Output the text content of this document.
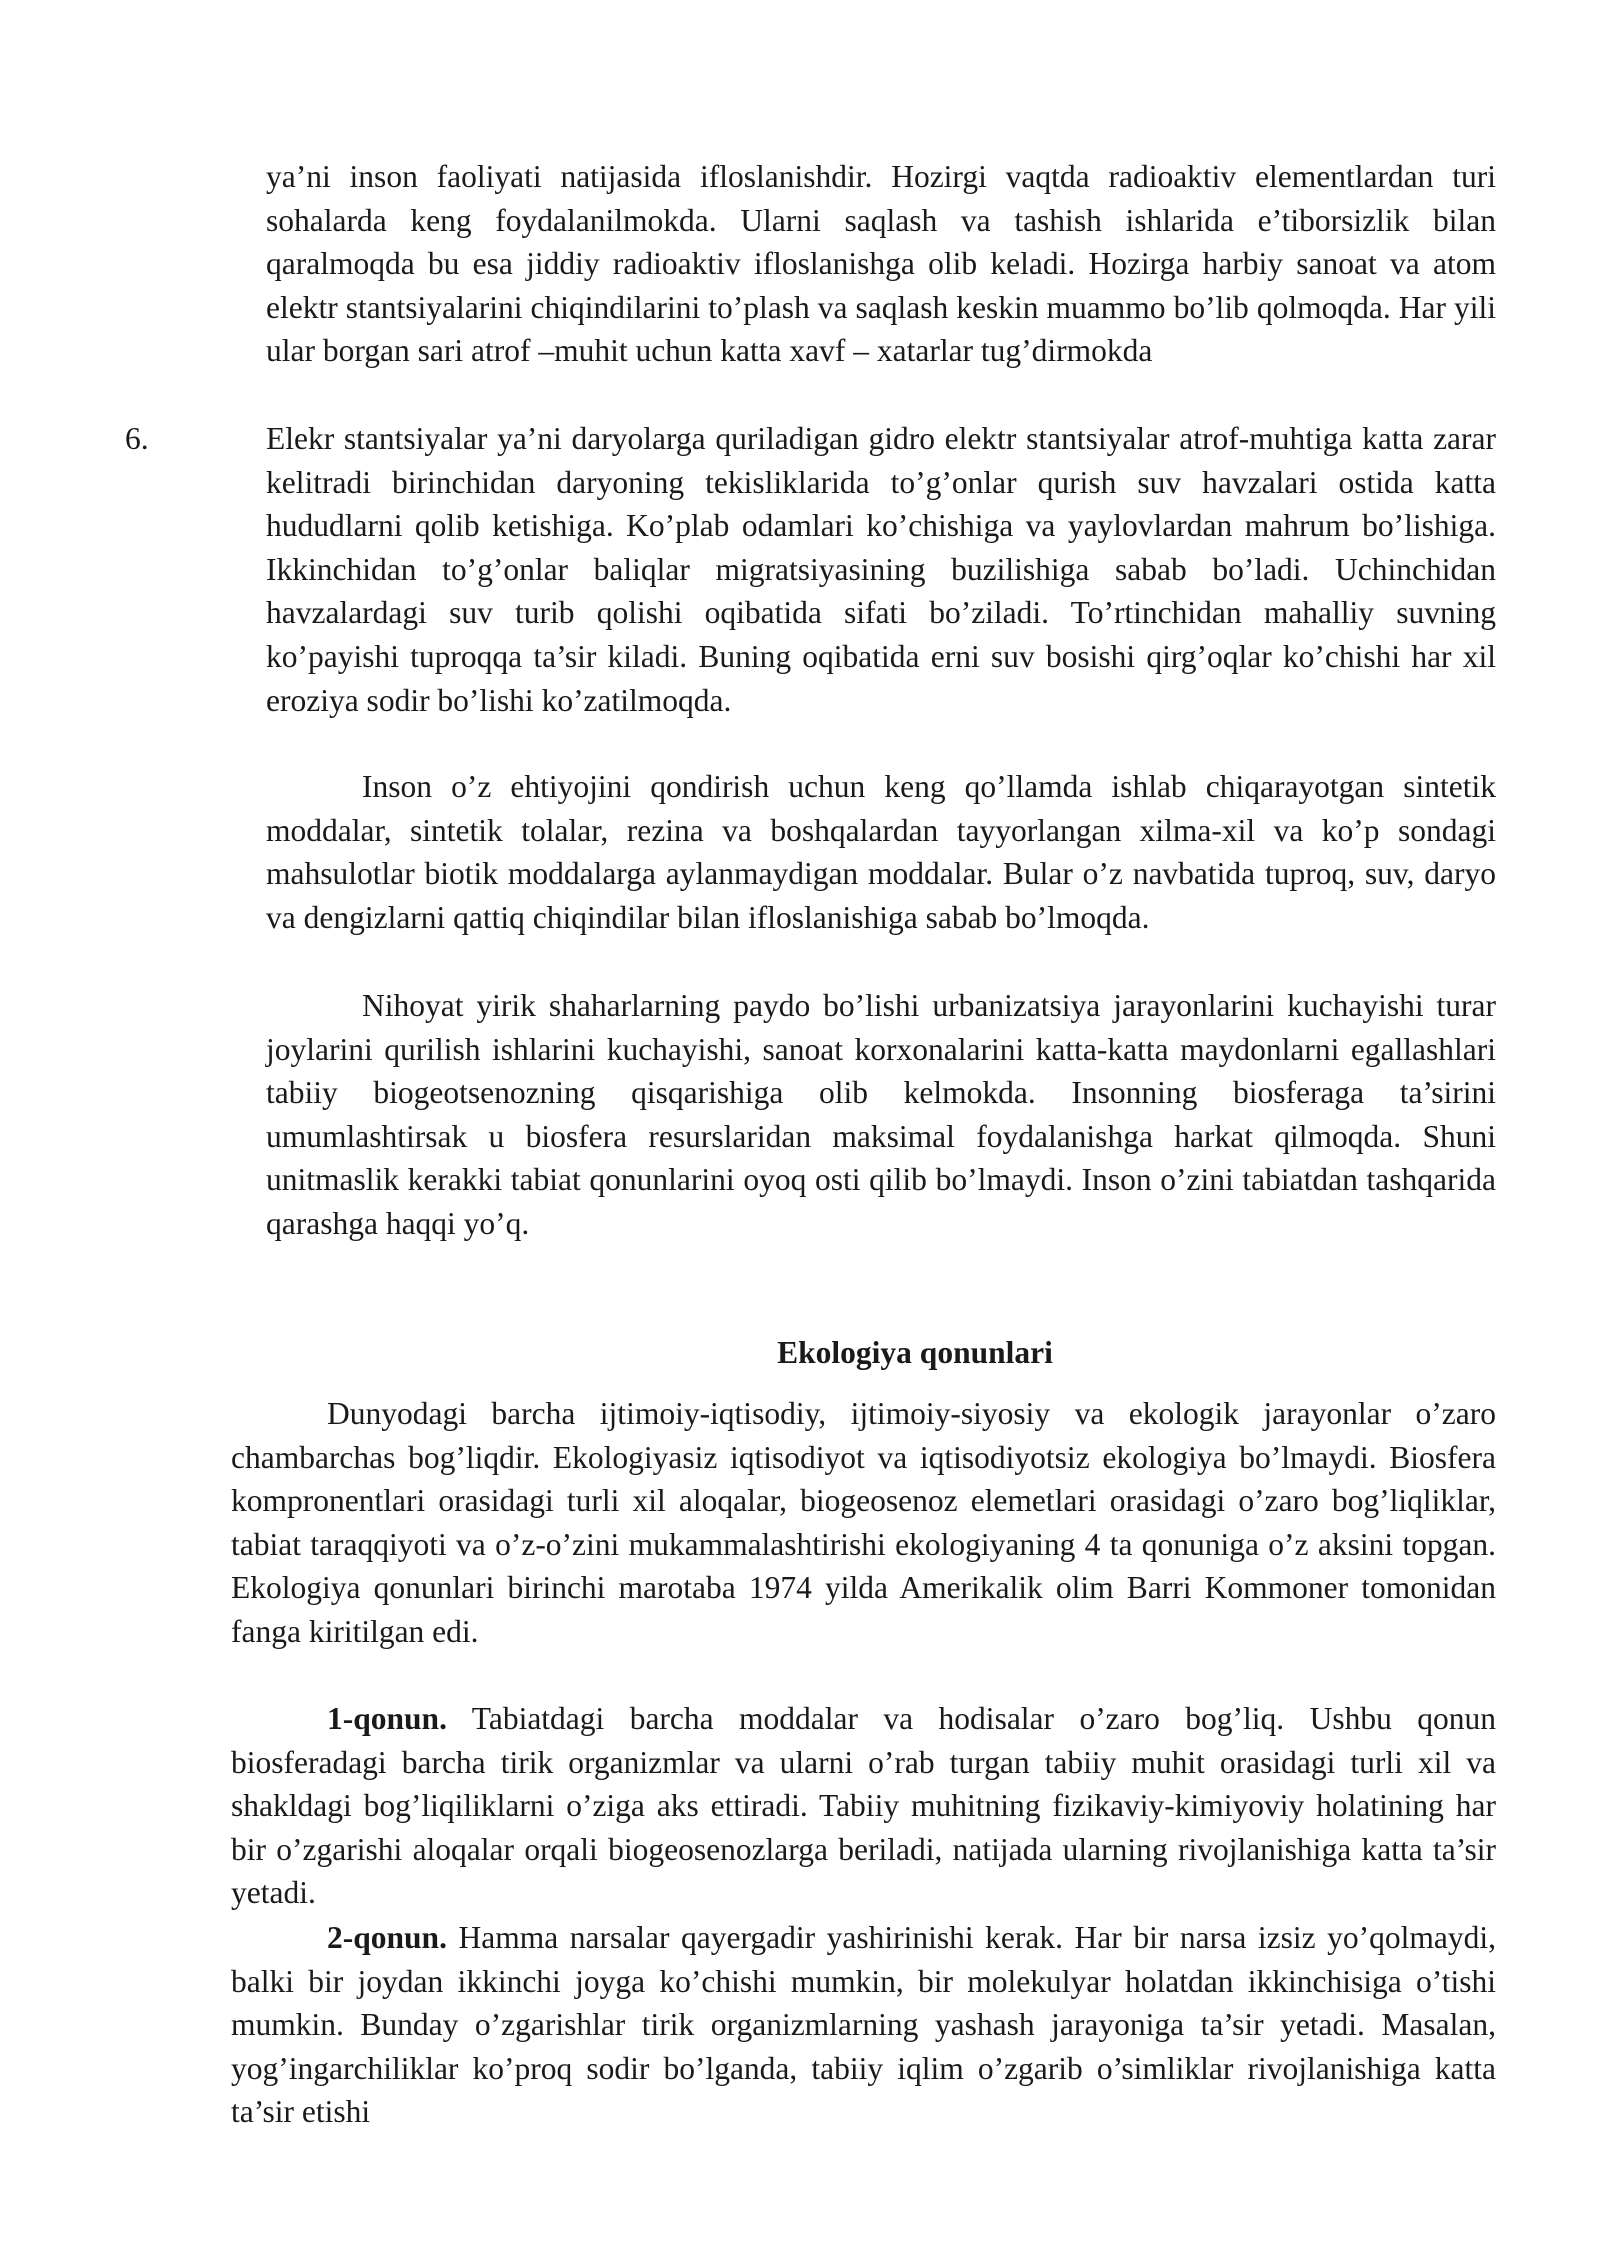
ya’ni inson faoliyati natijasida ifloslanishdir. Hozirgi vaqtda radioaktiv elementlardan turi sohalarda keng foydalanilmokda. Ularni saqlash va tashish ishlarida e’tiborsizlik bilan qaralmoqda bu esa jiddiy radioaktiv ifloslanishga olib keladi. Hozirga harbiy sanoat va atom elektr stantsiyalarini chiqindilarini to’plash va saqlash keskin muammo bo’lib qolmoqda. Har yili ular borgan sari atrof –muhit uchun katta xavf – xatarlar tug’dirmokda
6.	Elekr stantsiyalar ya’ni daryolarga quriladigan gidro elektr stantsiyalar atrof-muhtiga katta zarar kelitradi birinchidan daryoning tekisliklarida to’g’onlar qurish suv havzalari ostida katta hududlarni qolib ketishiga. Ko’plab odamlari ko’chishiga va yaylovlardan mahrum bo’lishiga. Ikkinchidan to’g’onlar baliqlar migratsiyasining buzilishiga sabab bo’ladi. Uchinchidan havzalardagi suv turib qolishi oqibatida sifati bo’ziladi. To’rtinchidan mahalliy suvning ko’payishi tuproqqa ta’sir kiladi. Buning oqibatida erni suv bosishi qirg’oqlar ko’chishi har xil eroziya sodir bo’lishi ko’zatilmoqda.
Inson o’z ehtiyojini qondirish uchun keng qo’llamda ishlab chiqarayotgan sintetik moddalar, sintetik tolalar, rezina va boshqalardan tayyorlangan xilma-xil va ko’p sondagi mahsulotlar biotik moddalarga aylanmaydigan moddalar. Bular o’z navbatida tuproq, suv, daryo va dengizlarni qattiq chiqindilar bilan ifloslanishiga sabab bo’lmoqda.
Nihoyat yirik shaharlarning paydo bo’lishi urbanizatsiya jarayonlarini kuchayishi turar joylarini qurilish ishlarini kuchayishi, sanoat korxonalarini katta-katta maydonlarni egallashlari tabiiy biogeotsenozning qisqarishiga olib kelmokda. Insonning biosferaga ta’sirini umumlashtirsak u biosfera resurslaridan maksimal foydalanishga harkat qilmoqda. Shuni unitmaslik kerakki tabiat qonunlarini oyoq osti qilib bo’lmaydi. Inson o’zini tabiatdan tashqarida qarashga haqqi yo’q.
Ekologiya qonunlari
Dunyodagi barcha ijtimoiy-iqtisodiy, ijtimoiy-siyosiy va ekologik jarayonlar o’zaro chambarchas bog’liqdir. Ekologiyasiz iqtisodiyot va iqtisodiyotsiz ekologiya bo’lmaydi. Biosfera kompronentlari orasidagi turli xil aloqalar, biogeosenoz elemetlari orasidagi o’zaro bog’liqliklar, tabiat taraqqiyoti va o’z-o’zini mukammalashtirishi ekologiyaning 4 ta qonuniga o’z aksini topgan. Ekologiya qonunlari birinchi marotaba 1974 yilda Amerikalik olim Barri Kommoner tomonidan fanga kiritilgan edi.
1-qonun. Tabiatdagi barcha moddalar va hodisalar o’zaro bog’liq. Ushbu qonun biosferadagi barcha tirik organizmlar va ularni o’rab turgan tabiiy muhit orasidagi turli xil va shakldagi bog’liqiliklarni o’ziga aks ettiradi. Tabiiy muhitning fizikaviy-kimiyoviy holatining har bir o’zgarishi aloqalar orqali biogeosenozlarga beriladi, natijada ularning rivojlanishiga katta ta’sir yetadi.
2-qonun. Hamma narsalar qayergadir yashirinishi kerak. Har bir narsa izsiz yo’qolmaydi, balki bir joydan ikkinchi joyga ko’chishi mumkin, bir molekulyar holatdan ikkinchisiga o’tishi mumkin. Bunday o’zgarishlar tirik organizmlarning yashash jarayoniga ta’sir yetadi. Masalan, yog’ingarchiliklar ko’proq sodir bo’lganda, tabiiy iqlim o’zgarib o’simliklar rivojlanishiga katta ta’sir etishi
